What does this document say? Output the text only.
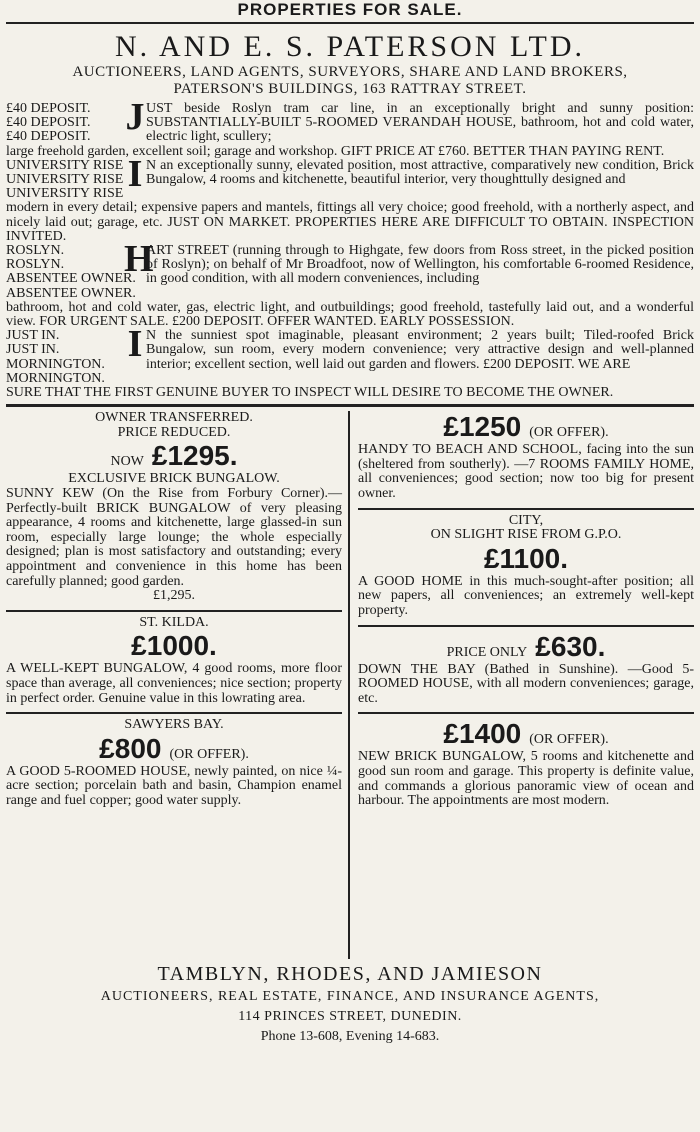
PROPERTIES FOR SALE.
N. AND E. S. PATERSON LTD.
AUCTIONEERS, LAND AGENTS, SURVEYORS, SHARE AND LAND BROKERS,
PATERSON'S BUILDINGS, 163 RATTRAY STREET.
£40 DEPOSIT.
£40 DEPOSIT.
£40 DEPOSIT. J UST beside Roslyn tram car line, in an exceptionally bright and sunny position: SUBSTANTIALLY-BUILT 5-ROOMED VERANDAH HOUSE, bathroom, hot and cold water, electric light, scullery;
large freehold garden, excellent soil; garage and workshop. GIFT PRICE AT £760. BETTER THAN PAYING RENT.
UNIVERSITY RISE
UNIVERSITY RISE
UNIVERSITY RISE I N an exceptionally sunny, elevated position, most attractive, comparatively new condition, Brick Bungalow, 4 rooms and kitchenette, beautiful interior, very thoughttully designed and
modern in every detail; expensive papers and mantels, fittings all very choice; good freehold, with a northerly aspect, and nicely laid out; garage, etc. JUST ON MARKET. PROPERTIES HERE ARE DIFFICULT TO OBTAIN. INSPECTION INVITED.
ROSLYN.
ROSLYN.
ABSENTEE OWNER.
ABSENTEE OWNER.
H
ART STREET (running through to Highgate, few doors from Ross street, in the picked position of Roslyn); on behalf of Mr Broadfoot, now of Wellington, his comfortable 6-roomed Residence, in good condition, with all modern conveniences, including
bathroom, hot and cold water, gas, electric light, and outbuildings; good freehold, tastefully laid out, and a wonderful view. FOR URGENT SALE. £200 DEPOSIT. OFFER WANTED. EARLY POSSESSION.
JUST IN.
JUST IN.
MORNINGTON.
MORNINGTON.
I N the sunniest spot imaginable, pleasant environment; 2 years built; Tiled-roofed Brick Bungalow, sun room, every modern convenience; very attractive design and well-planned interior; excellent section, well laid out garden and flowers. £200 DEPOSIT. WE ARE
SURE THAT THE FIRST GENUINE BUYER TO INSPECT WILL DESIRE TO BECOME THE OWNER.
OWNER TRANSFERRED.
PRICE REDUCED.
NOW £1295.
EXCLUSIVE BRICK BUNGALOW.
SUNNY KEW (On the Rise from Forbury Corner).—Perfectly-built BRICK BUNGALOW of very pleasing appearance, 4 rooms and kitchenette, large glassed-in sun room, especially large lounge; the whole especially designed; plan is most satisfactory and outstanding; every appointment and convenience in this home has been carefully planned; good garden.
£1,295.
ST. KILDA.
£1000.
A WELL-KEPT BUNGALOW, 4 good rooms, more floor space than average, all conveniences; nice section; property in perfect order. Genuine value in this lowrating area.
SAWYERS BAY.
£800 (OR OFFER).
A GOOD 5-ROOMED HOUSE, newly painted, on nice ¼-acre section; porcelain bath and basin, Champion enamel range and fuel copper; good water supply.
£1250 (OR OFFER).
HANDY TO BEACH AND SCHOOL, facing into the sun (sheltered from southerly). —7 ROOMS FAMILY HOME, all conveniences; good section; now too big for present owner.
CITY,
ON SLIGHT RISE FROM G.P.O.
£1100.
A GOOD HOME in this much-sought-after position; all new papers, all conveniences; an extremely well-kept property.
PRICE ONLY £630.
DOWN THE BAY (Bathed in Sunshine). —Good 5-ROOMED HOUSE, with all modern conveniences; garage, etc.
£1400 (OR OFFER).
NEW BRICK BUNGALOW, 5 rooms and kitchenette and good sun room and garage. This property is definite value, and commands a glorious panoramic view of ocean and harbour. The appointments are most modern.
TAMBLYN, RHODES, AND JAMIESON
AUCTIONEERS, REAL ESTATE, FINANCE, AND INSURANCE AGENTS,
114 PRINCES STREET, DUNEDIN.
Phone 13-608, Evening 14-683.
